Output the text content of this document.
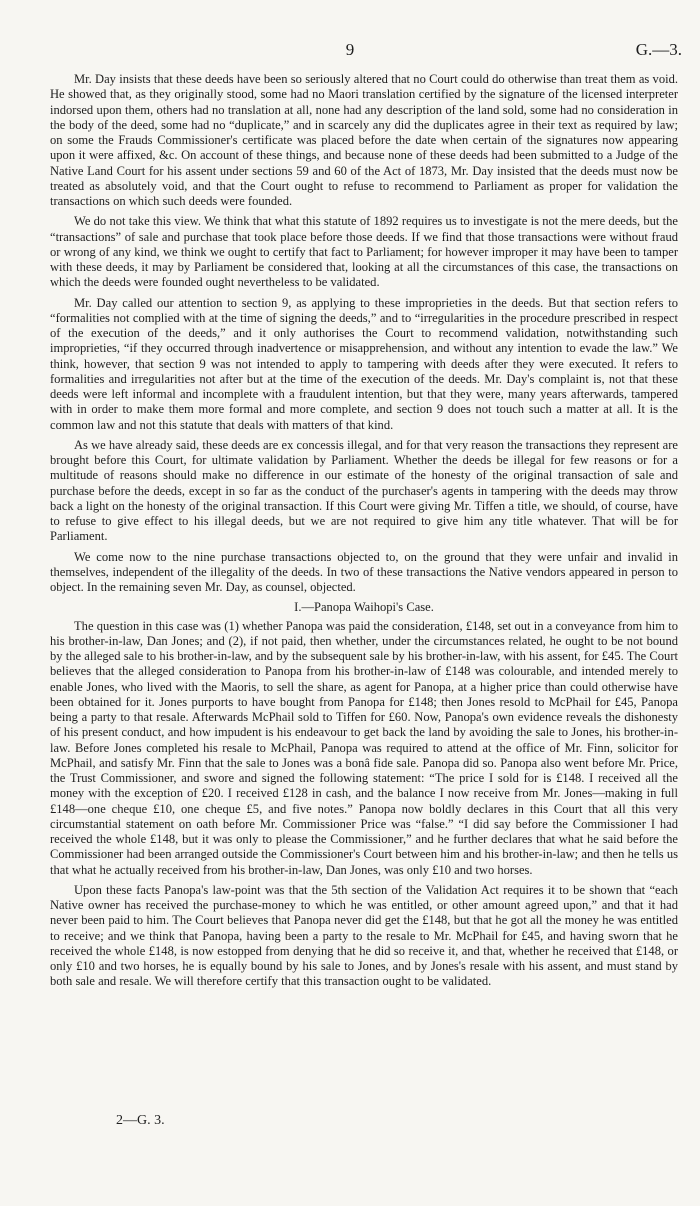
9	G.—3.

Mr. Day insists that these deeds have been so seriously altered that no Court could do otherwise than treat them as void. He showed that, as they originally stood, some had no Maori translation certified by the signature of the licensed interpreter indorsed upon them, others had no translation at all, none had any description of the land sold, some had no consideration in the body of the deed, some had no “duplicate,” and in scarcely any did the duplicates agree in their text as required by law; on some the Frauds Commissioner's certificate was placed before the date when certain of the signatures now appearing upon it were affixed, &c. On account of these things, and because none of these deeds had been submitted to a Judge of the Native Land Court for his assent under sections 59 and 60 of the Act of 1873, Mr. Day insisted that the deeds must now be treated as absolutely void, and that the Court ought to refuse to recommend to Parliament as proper for validation the transactions on which such deeds were founded.

We do not take this view. We think that what this statute of 1892 requires us to investigate is not the mere deeds, but the “transactions” of sale and purchase that took place before those deeds. If we find that those transactions were without fraud or wrong of any kind, we think we ought to certify that fact to Parliament; for however improper it may have been to tamper with these deeds, it may by Parliament be considered that, looking at all the circumstances of this case, the transactions on which the deeds were founded ought nevertheless to be validated.

Mr. Day called our attention to section 9, as applying to these improprieties in the deeds. But that section refers to “formalities not complied with at the time of signing the deeds,” and to “irregularities in the procedure prescribed in respect of the execution of the deeds,” and it only authorises the Court to recommend validation, notwithstanding such improprieties, “if they occurred through inadvertence or misapprehension, and without any intention to evade the law.” We think, however, that section 9 was not intended to apply to tampering with deeds after they were executed. It refers to formalities and irregularities not after but at the time of the execution of the deeds. Mr. Day's complaint is, not that these deeds were left informal and incomplete with a fraudulent intention, but that they were, many years afterwards, tampered with in order to make them more formal and more complete, and section 9 does not touch such a matter at all. It is the common law and not this statute that deals with matters of that kind.

As we have already said, these deeds are ex concessis illegal, and for that very reason the transactions they represent are brought before this Court, for ultimate validation by Parliament. Whether the deeds be illegal for few reasons or for a multitude of reasons should make no difference in our estimate of the honesty of the original transaction of sale and purchase before the deeds, except in so far as the conduct of the purchaser's agents in tampering with the deeds may throw back a light on the honesty of the original transaction. If this Court were giving Mr. Tiffen a title, we should, of course, have to refuse to give effect to his illegal deeds, but we are not required to give him any title whatever. That will be for Parliament.

We come now to the nine purchase transactions objected to, on the ground that they were unfair and invalid in themselves, independent of the illegality of the deeds. In two of these transactions the Native vendors appeared in person to object. In the remaining seven Mr. Day, as counsel, objected.

I.—Panopa Waihopi's Case.

The question in this case was (1) whether Panopa was paid the consideration, £148, set out in a conveyance from him to his brother-in-law, Dan Jones; and (2), if not paid, then whether, under the circumstances related, he ought to be not bound by the alleged sale to his brother-in-law, and by the subsequent sale by his brother-in-law, with his assent, for £45. The Court believes that the alleged consideration to Panopa from his brother-in-law of £148 was colourable, and intended merely to enable Jones, who lived with the Maoris, to sell the share, as agent for Panopa, at a higher price than could otherwise have been obtained for it. Jones purports to have bought from Panopa for £148; then Jones resold to McPhail for £45, Panopa being a party to that resale. Afterwards McPhail sold to Tiffen for £60. Now, Panopa's own evidence reveals the dishonesty of his present conduct, and how impudent is his endeavour to get back the land by avoiding the sale to Jones, his brother-in-law. Before Jones completed his resale to McPhail, Panopa was required to attend at the office of Mr. Finn, solicitor for McPhail, and satisfy Mr. Finn that the sale to Jones was a bonâ fide sale. Panopa did so. Panopa also went before Mr. Price, the Trust Commissioner, and swore and signed the following statement: “The price I sold for is £148. I received all the money with the exception of £20. I received £128 in cash, and the balance I now receive from Mr. Jones—making in full £148—one cheque £10, one cheque £5, and five notes.” Panopa now boldly declares in this Court that all this very circumstantial statement on oath before Mr. Commissioner Price was “false.” “I did say before the Commissioner I had received the whole £148, but it was only to please the Commissioner,” and he further declares that what he said before the Commissioner had been arranged outside the Commissioner's Court between him and his brother-in-law; and then he tells us that what he actually received from his brother-in-law, Dan Jones, was only £10 and two horses.

Upon these facts Panopa's law-point was that the 5th section of the Validation Act requires it to be shown that “each Native owner has received the purchase-money to which he was entitled, or other amount agreed upon,” and that it had never been paid to him. The Court believes that Panopa never did get the £148, but that he got all the money he was entitled to receive; and we think that Panopa, having been a party to the resale to Mr. McPhail for £45, and having sworn that he received the whole £148, is now estopped from denying that he did so receive it, and that, whether he received that £148, or only £10 and two horses, he is equally bound by his sale to Jones, and by Jones's resale with his assent, and must stand by both sale and resale. We will therefore certify that this transaction ought to be validated.

2—G. 3.
